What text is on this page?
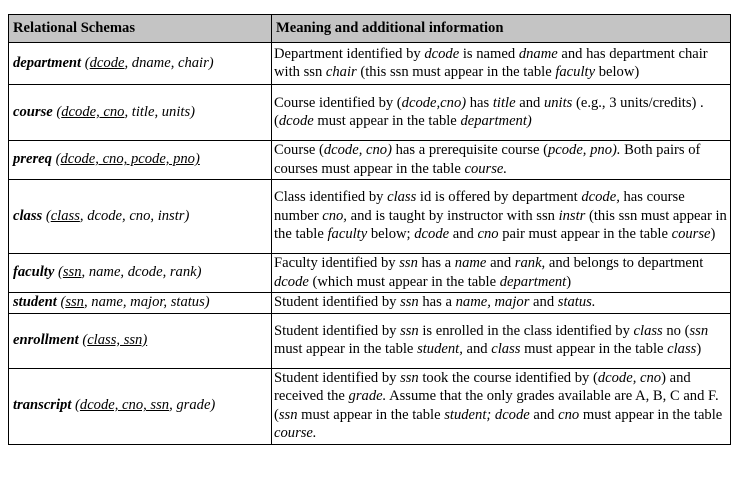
Relational Schemas	Meaning and additional information
department (dcode, dname, chair)	Department identified by dcode is named dname and has department chair with ssn chair (this ssn must appear in the table faculty below)
course (dcode, cno, title, units)	Course identified by (dcode,cno) has title and units (e.g., 3 units/credits) . (dcode must appear in the table department)
prereq (dcode, cno, pcode, pno)	Course (dcode, cno) has a prerequisite course (pcode, pno). Both pairs of courses must appear in the table course.
class (class, dcode, cno, instr)	Class identified by class id is offered by department dcode, has course number cno, and is taught by instructor with ssn instr (this ssn must appear in the table faculty below; dcode and cno pair must appear in the table course)
faculty (ssn, name, dcode, rank)	Faculty identified by ssn has a name and rank, and belongs to department dcode (which must appear in the table department)
student (ssn, name, major, status)	Student identified by ssn has a name, major and status.
enrollment (class, ssn)	Student identified by ssn is enrolled in the class identified by class no (ssn must appear in the table student, and class must appear in the table class)
transcript (dcode, cno, ssn, grade)	Student identified by ssn took the course identified by (dcode, cno) and received the grade. Assume that the only grades available are A, B, C and F. (ssn must appear in the table student; dcode and cno must appear in the table course.
